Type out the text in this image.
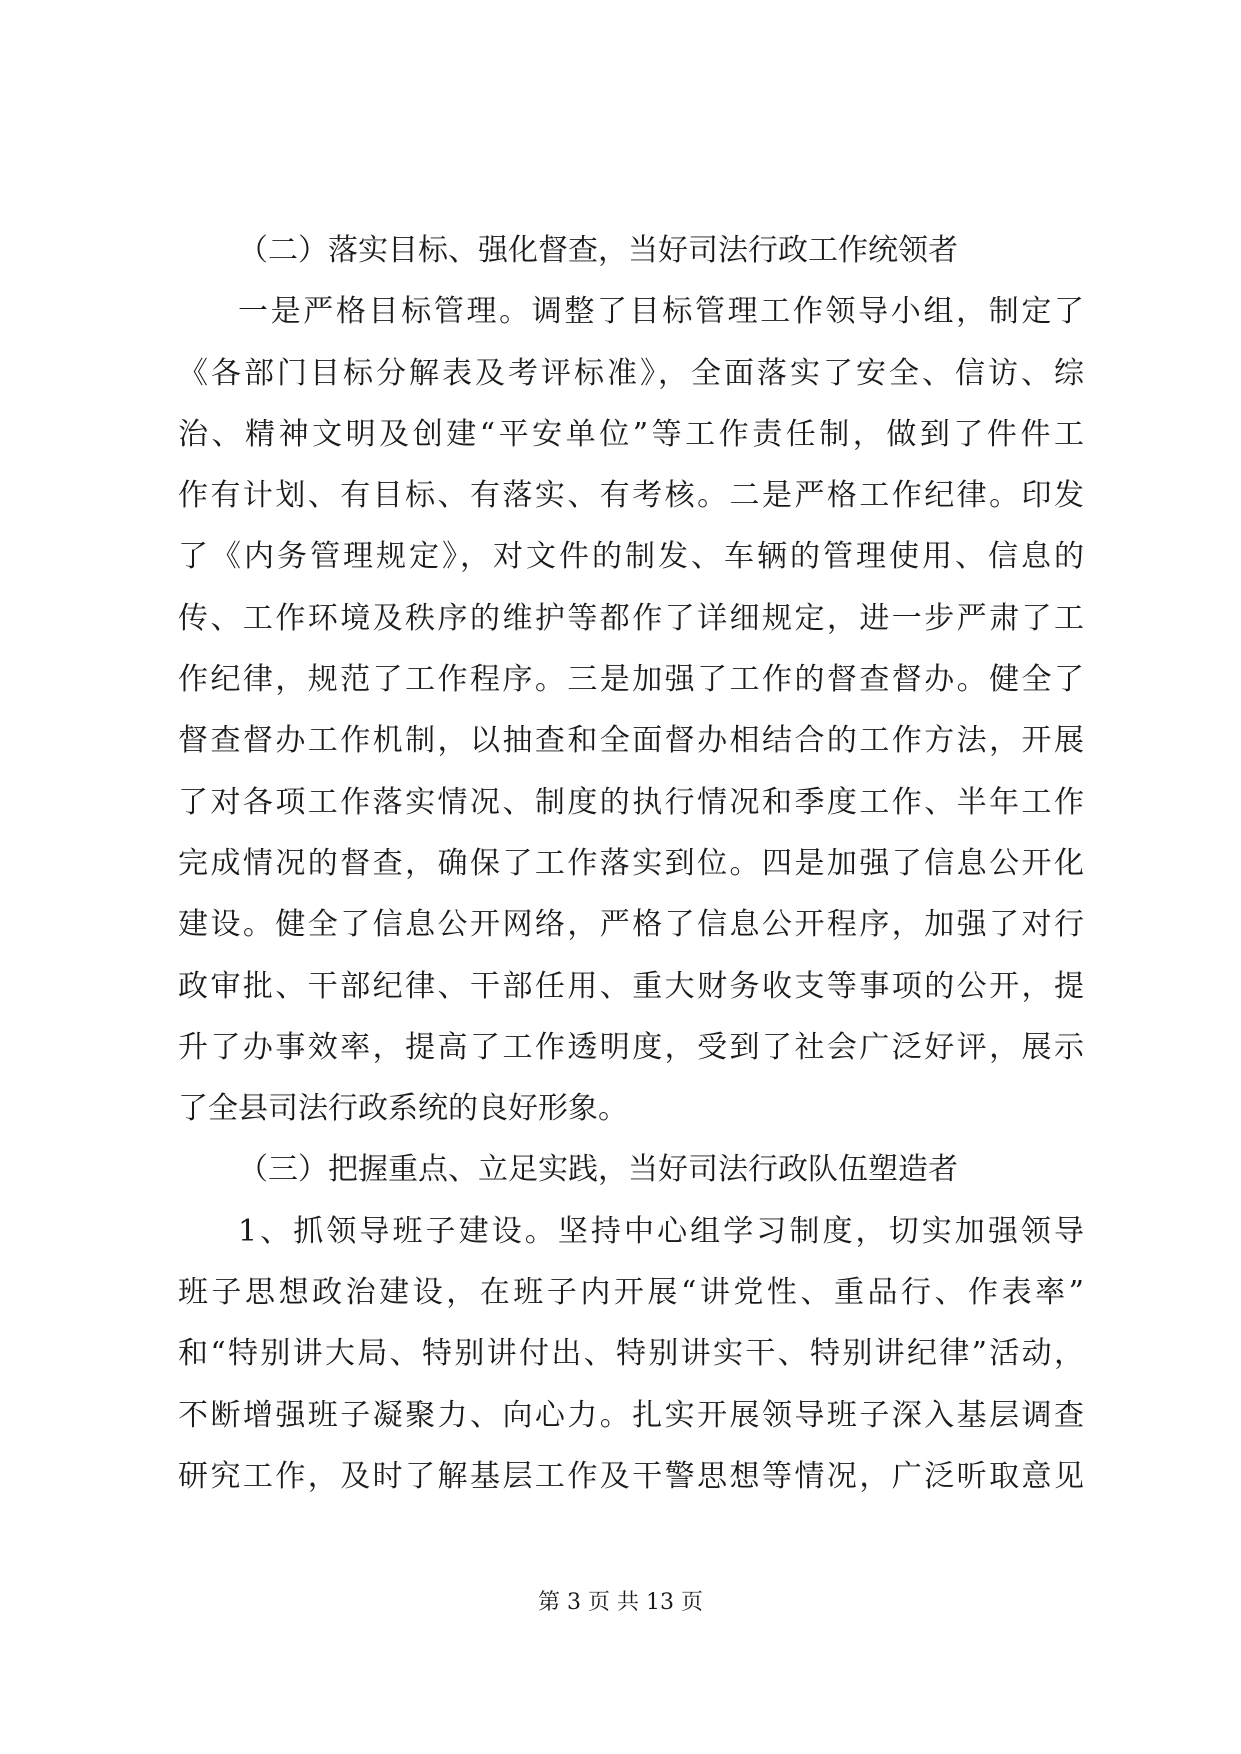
（二）落实目标、强化督查，当好司法行政工作统领者
一是严格目标管理。调整了目标管理工作领导小组，制定了
《各部门目标分解表及考评标准》，全面落实了安全、信访、综
治、精神文明及创建“平安单位”等工作责任制，做到了件件工
作有计划、有目标、有落实、有考核。二是严格工作纪律。印发
了《内务管理规定》，对文件的制发、车辆的管理使用、信息的
传、工作环境及秩序的维护等都作了详细规定，进一步严肃了工
作纪律，规范了工作程序。三是加强了工作的督查督办。健全了
督查督办工作机制，以抽查和全面督办相结合的工作方法，开展
了对各项工作落实情况、制度的执行情况和季度工作、半年工作
完成情况的督查，确保了工作落实到位。四是加强了信息公开化
建设。健全了信息公开网络，严格了信息公开程序，加强了对行
政审批、干部纪律、干部任用、重大财务收支等事项的公开，提
升了办事效率，提高了工作透明度，受到了社会广泛好评，展示
了全县司法行政系统的良好形象。
（三）把握重点、立足实践，当好司法行政队伍塑造者
1、抓领导班子建设。坚持中心组学习制度，切实加强领导
班子思想政治建设，在班子内开展“讲党性、重品行、作表率”
和“特别讲大局、特别讲付出、特别讲实干、特别讲纪律”活动，
不断增强班子凝聚力、向心力。扎实开展领导班子深入基层调查
研究工作，及时了解基层工作及干警思想等情况，广泛听取意见
第 3 页 共 13 页
